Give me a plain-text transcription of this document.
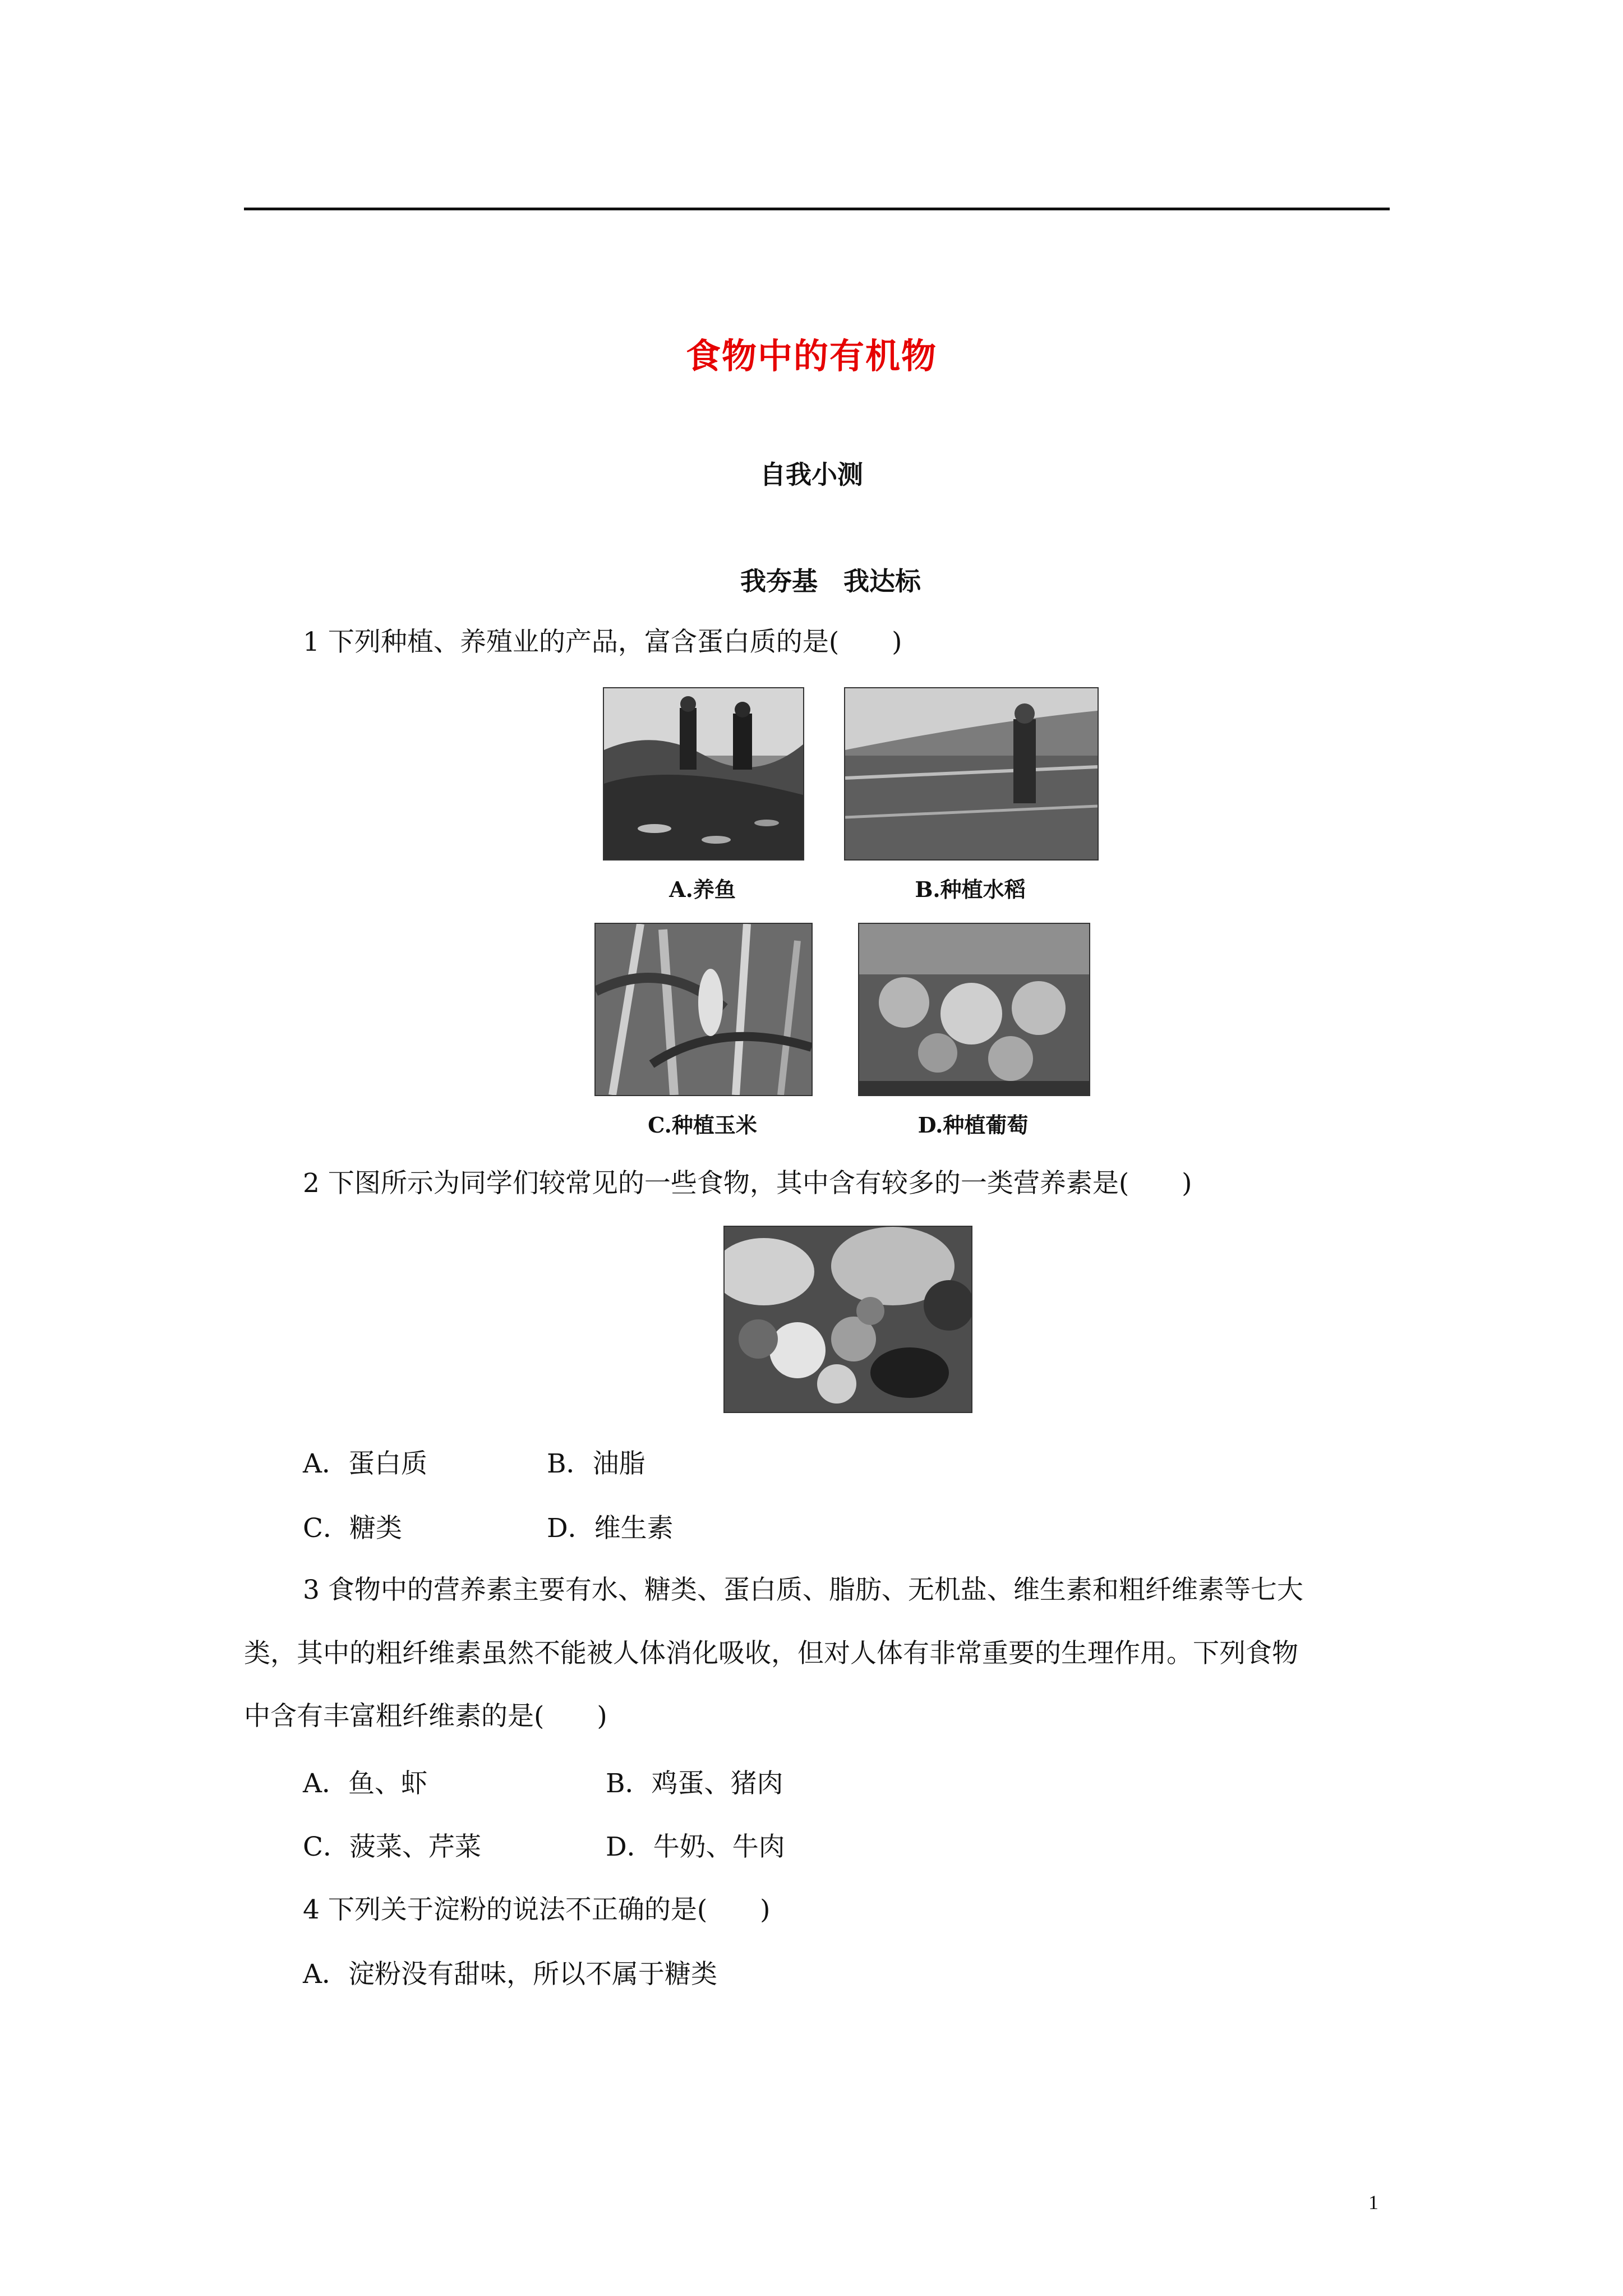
食物中的有机物
自我小测
我夯基　我达标
1 下列种植、养殖业的产品，富含蛋白质的是(　　)
A.养鱼	B.种植水稻
C.种植玉米	D.种植葡萄
2 下图所示为同学们较常见的一些食物，其中含有较多的一类营养素是(　　)
A．蛋白质	B．油脂
C．糖类	D．维生素
3 食物中的营养素主要有水、糖类、蛋白质、脂肪、无机盐、维生素和粗纤维素等七大
类，其中的粗纤维素虽然不能被人体消化吸收，但对人体有非常重要的生理作用。下列食物
中含有丰富粗纤维素的是(　　)
A．鱼、虾	B．鸡蛋、猪肉
C．菠菜、芹菜	D．牛奶、牛肉
4 下列关于淀粉的说法不正确的是(　　)
A．淀粉没有甜味，所以不属于糖类
1
